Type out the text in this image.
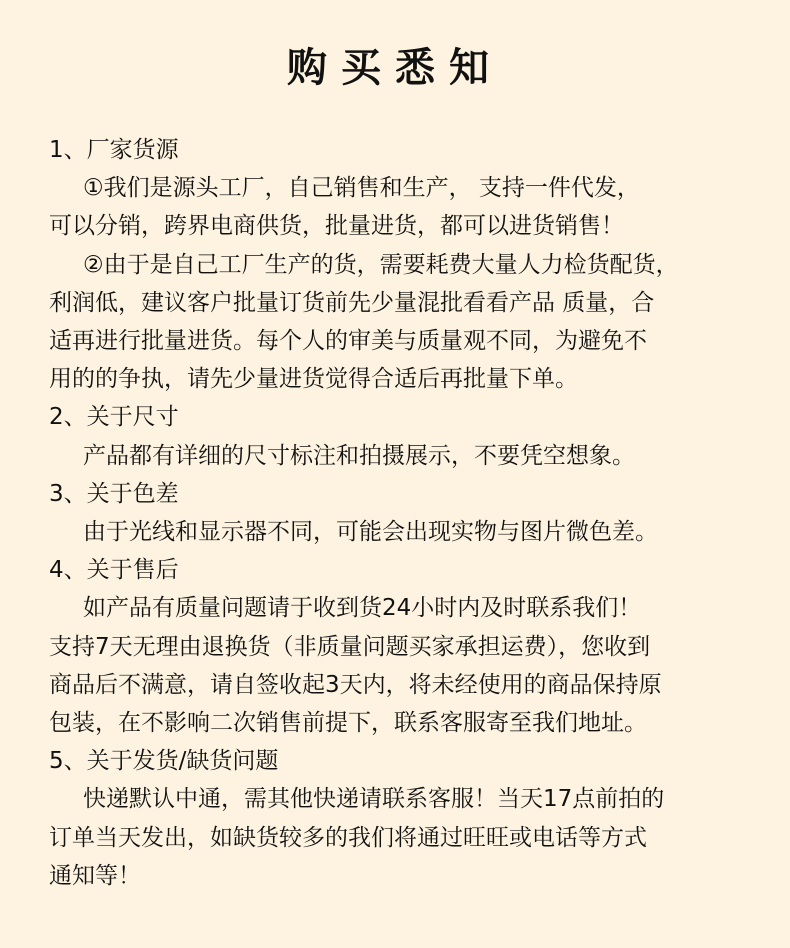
购买悉知
1、厂家货源
①我们是源头工厂，自己销售和生产， 支持一件代发，
可以分销，跨界电商供货，批量进货，都可以进货销售！
②由于是自己工厂生产的货，需要耗费大量人力检货配货，
利润低，建议客户批量订货前先少量混批看看产品 质量，合
适再进行批量进货。每个人的审美与质量观不同，为避免不
用的的争执，请先少量进货觉得合适后再批量下单。
2、关于尺寸
产品都有详细的尺寸标注和拍摄展示，不要凭空想象。
3、关于色差
由于光线和显示器不同，可能会出现实物与图片微色差。
4、关于售后
如产品有质量问题请于收到货24小时内及时联系我们！
支持7天无理由退换货（非质量问题买家承担运费），您收到
商品后不满意，请自签收起3天内，将未经使用的商品保持原
包装，在不影响二次销售前提下，联系客服寄至我们地址。
5、关于发货/缺货问题
快递默认中通，需其他快递请联系客服！当天17点前拍的
订单当天发出，如缺货较多的我们将通过旺旺或电话等方式
通知等！
